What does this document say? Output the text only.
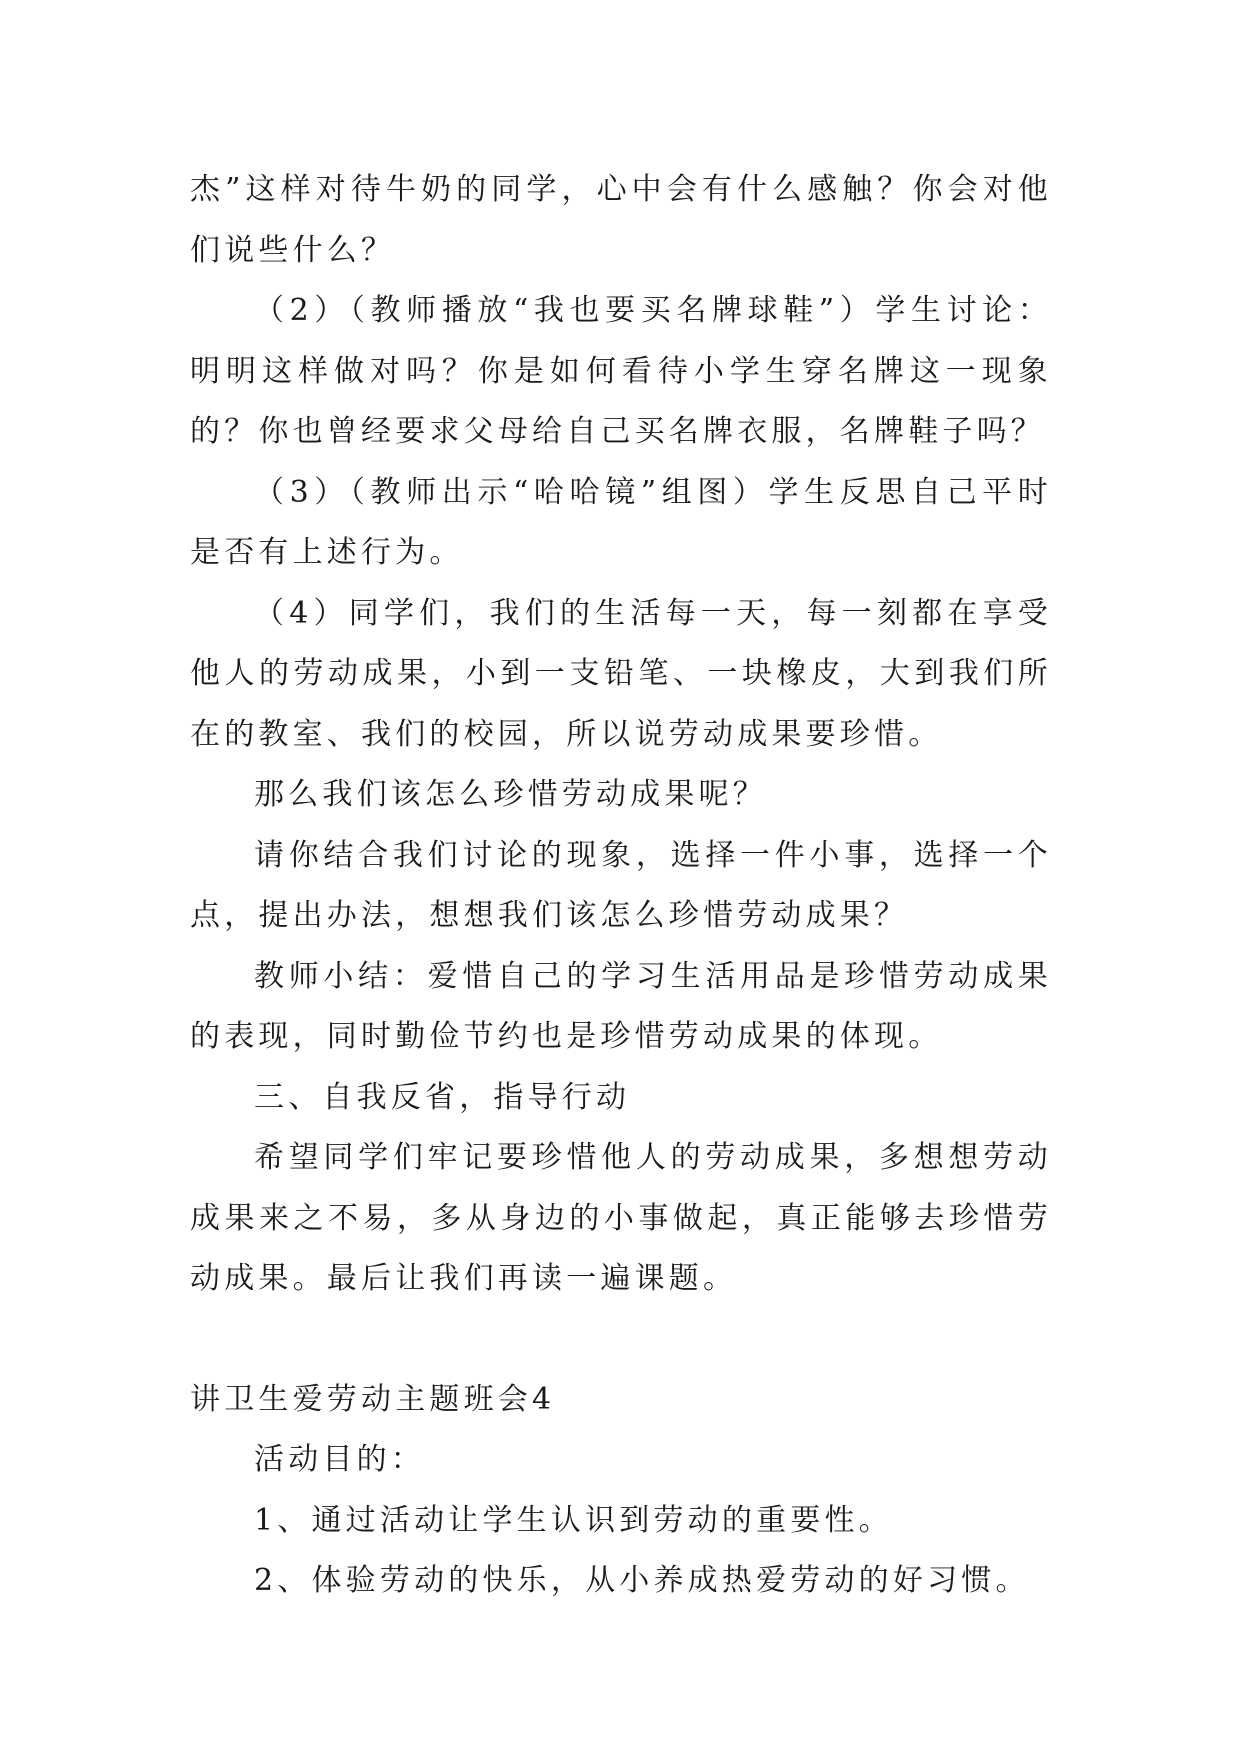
杰”这样对待牛奶的同学，心中会有什么感触？你会对他们说些什么？

（2）（教师播放“我也要买名牌球鞋”）学生讨论：明明这样做对吗？你是如何看待小学生穿名牌这一现象的？你也曾经要求父母给自己买名牌衣服，名牌鞋子吗？

（3）（教师出示“哈哈镜”组图）学生反思自己平时是否有上述行为。

（4）同学们，我们的生活每一天，每一刻都在享受他人的劳动成果，小到一支铅笔、一块橡皮，大到我们所在的教室、我们的校园，所以说劳动成果要珍惜。

那么我们该怎么珍惜劳动成果呢？

请你结合我们讨论的现象，选择一件小事，选择一个点，提出办法，想想我们该怎么珍惜劳动成果？

教师小结：爱惜自己的学习生活用品是珍惜劳动成果的表现，同时勤俭节约也是珍惜劳动成果的体现。

三、自我反省，指导行动

希望同学们牢记要珍惜他人的劳动成果，多想想劳动成果来之不易，多从身边的小事做起，真正能够去珍惜劳动成果。最后让我们再读一遍课题。

讲卫生爱劳动主题班会4

活动目的：

1、通过活动让学生认识到劳动的重要性。

2、体验劳动的快乐，从小养成热爱劳动的好习惯。
